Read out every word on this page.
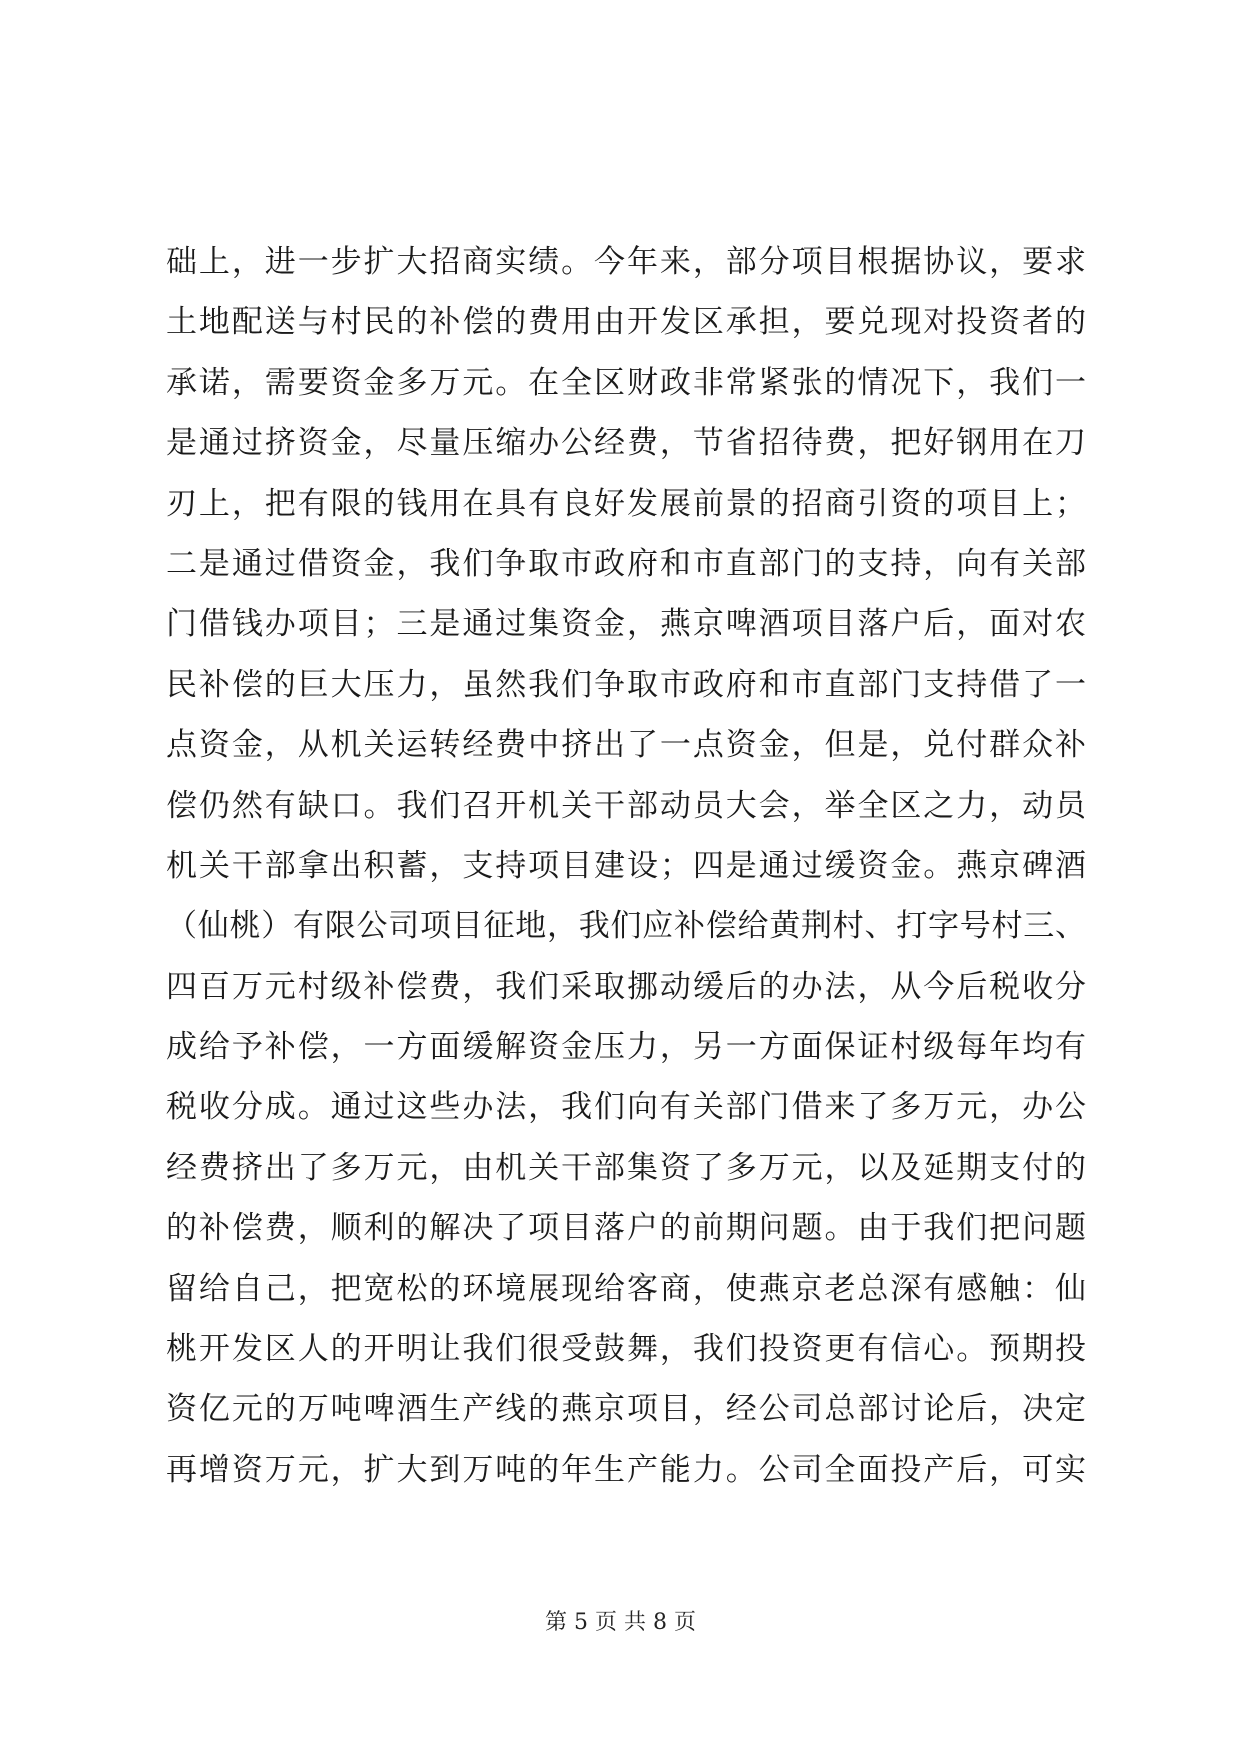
础上，进一步扩大招商实绩。今年来，部分项目根据协议，要求
土地配送与村民的补偿的费用由开发区承担，要兑现对投资者的
承诺，需要资金多万元。在全区财政非常紧张的情况下，我们一
是通过挤资金，尽量压缩办公经费，节省招待费，把好钢用在刀
刃上，把有限的钱用在具有良好发展前景的招商引资的项目上；
二是通过借资金，我们争取市政府和市直部门的支持，向有关部
门借钱办项目；三是通过集资金，燕京啤酒项目落户后，面对农
民补偿的巨大压力，虽然我们争取市政府和市直部门支持借了一
点资金，从机关运转经费中挤出了一点资金，但是，兑付群众补
偿仍然有缺口。我们召开机关干部动员大会，举全区之力，动员
机关干部拿出积蓄，支持项目建设；四是通过缓资金。燕京碑酒
（仙桃）有限公司项目征地，我们应补偿给黄荆村、打字号村三、
四百万元村级补偿费，我们采取挪动缓后的办法，从今后税收分
成给予补偿，一方面缓解资金压力，另一方面保证村级每年均有
税收分成。通过这些办法，我们向有关部门借来了多万元，办公
经费挤出了多万元，由机关干部集资了多万元，以及延期支付的
的补偿费，顺利的解决了项目落户的前期问题。由于我们把问题
留给自己，把宽松的环境展现给客商，使燕京老总深有感触：仙
桃开发区人的开明让我们很受鼓舞，我们投资更有信心。预期投
资亿元的万吨啤酒生产线的燕京项目，经公司总部讨论后，决定
再增资万元，扩大到万吨的年生产能力。公司全面投产后，可实
第 5 页 共 8 页
